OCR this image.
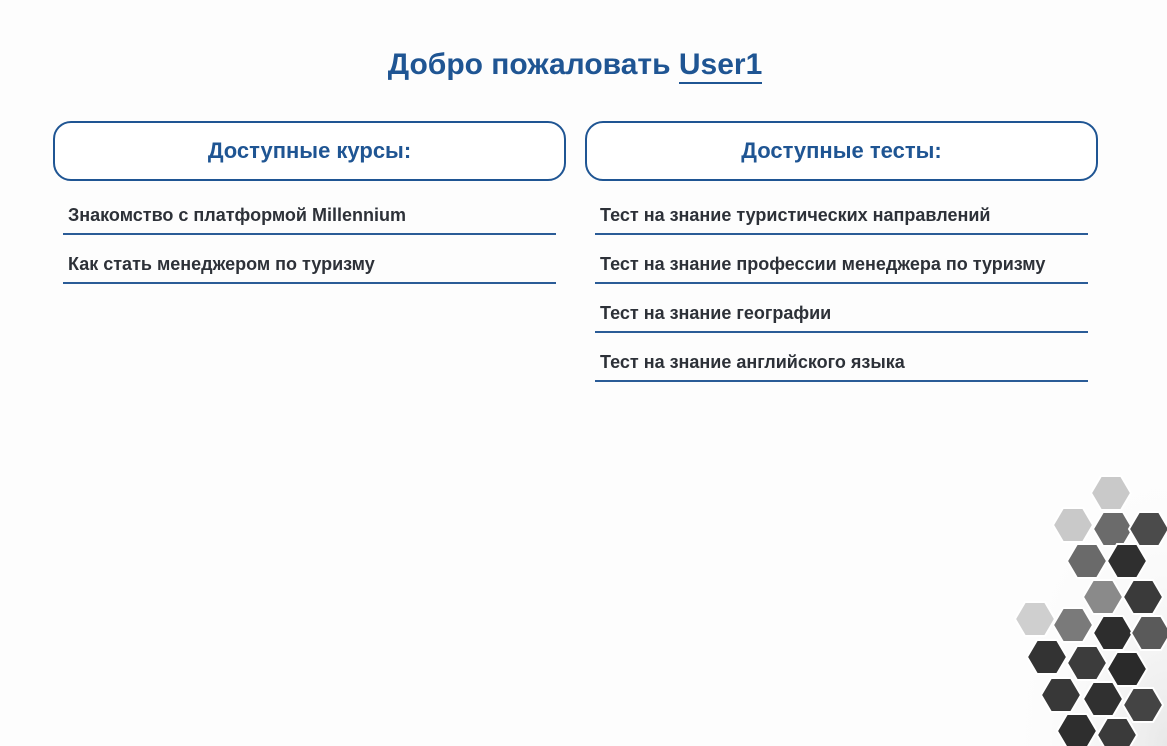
Добро пожаловать User1
Доступные курсы:
Знакомство с платформой Millennium
Как стать менеджером по туризму
Доступные тесты:
Тест на знание туристических направлений
Тест на знание профессии менеджера по туризму
Тест на знание географии
Тест на знание английского языка
